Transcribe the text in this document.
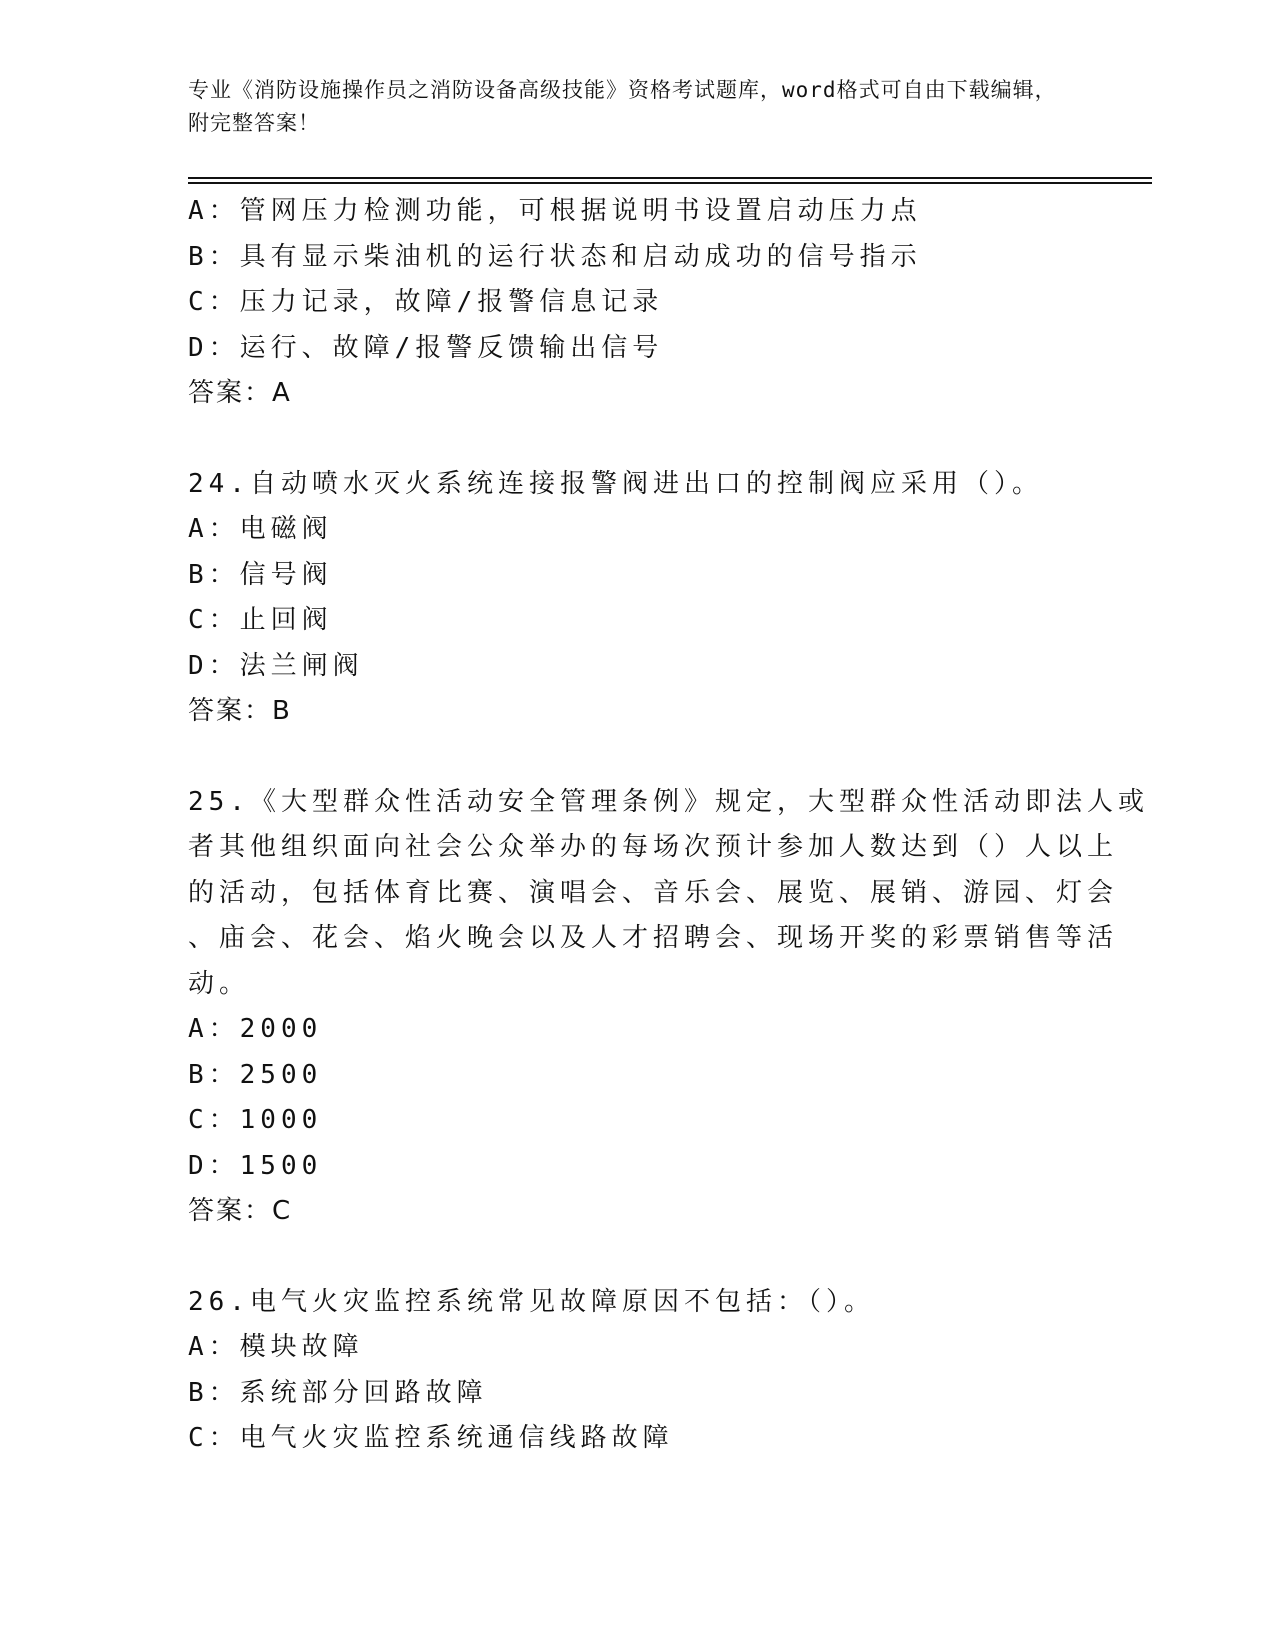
专业《消防设施操作员之消防设备高级技能》资格考试题库，word格式可自由下载编辑，附完整答案！
A：管网压力检测功能，可根据说明书设置启动压力点
B：具有显示柴油机的运行状态和启动成功的信号指示
C：压力记录，故障/报警信息记录
D：运行、故障/报警反馈输出信号
答案：A
24.自动喷水灭火系统连接报警阀进出口的控制阀应采用（）。
A：电磁阀
B：信号阀
C：止回阀
D：法兰闸阀
答案：B
25.《大型群众性活动安全管理条例》规定，大型群众性活动即法人或
者其他组织面向社会公众举办的每场次预计参加人数达到（）人以上
的活动，包括体育比赛、演唱会、音乐会、展览、展销、游园、灯会
、庙会、花会、焰火晚会以及人才招聘会、现场开奖的彩票销售等活
动。
A：2000
B：2500
C：1000
D：1500
答案：C
26.电气火灾监控系统常见故障原因不包括：（）。
A：模块故障
B：系统部分回路故障
C：电气火灾监控系统通信线路故障
